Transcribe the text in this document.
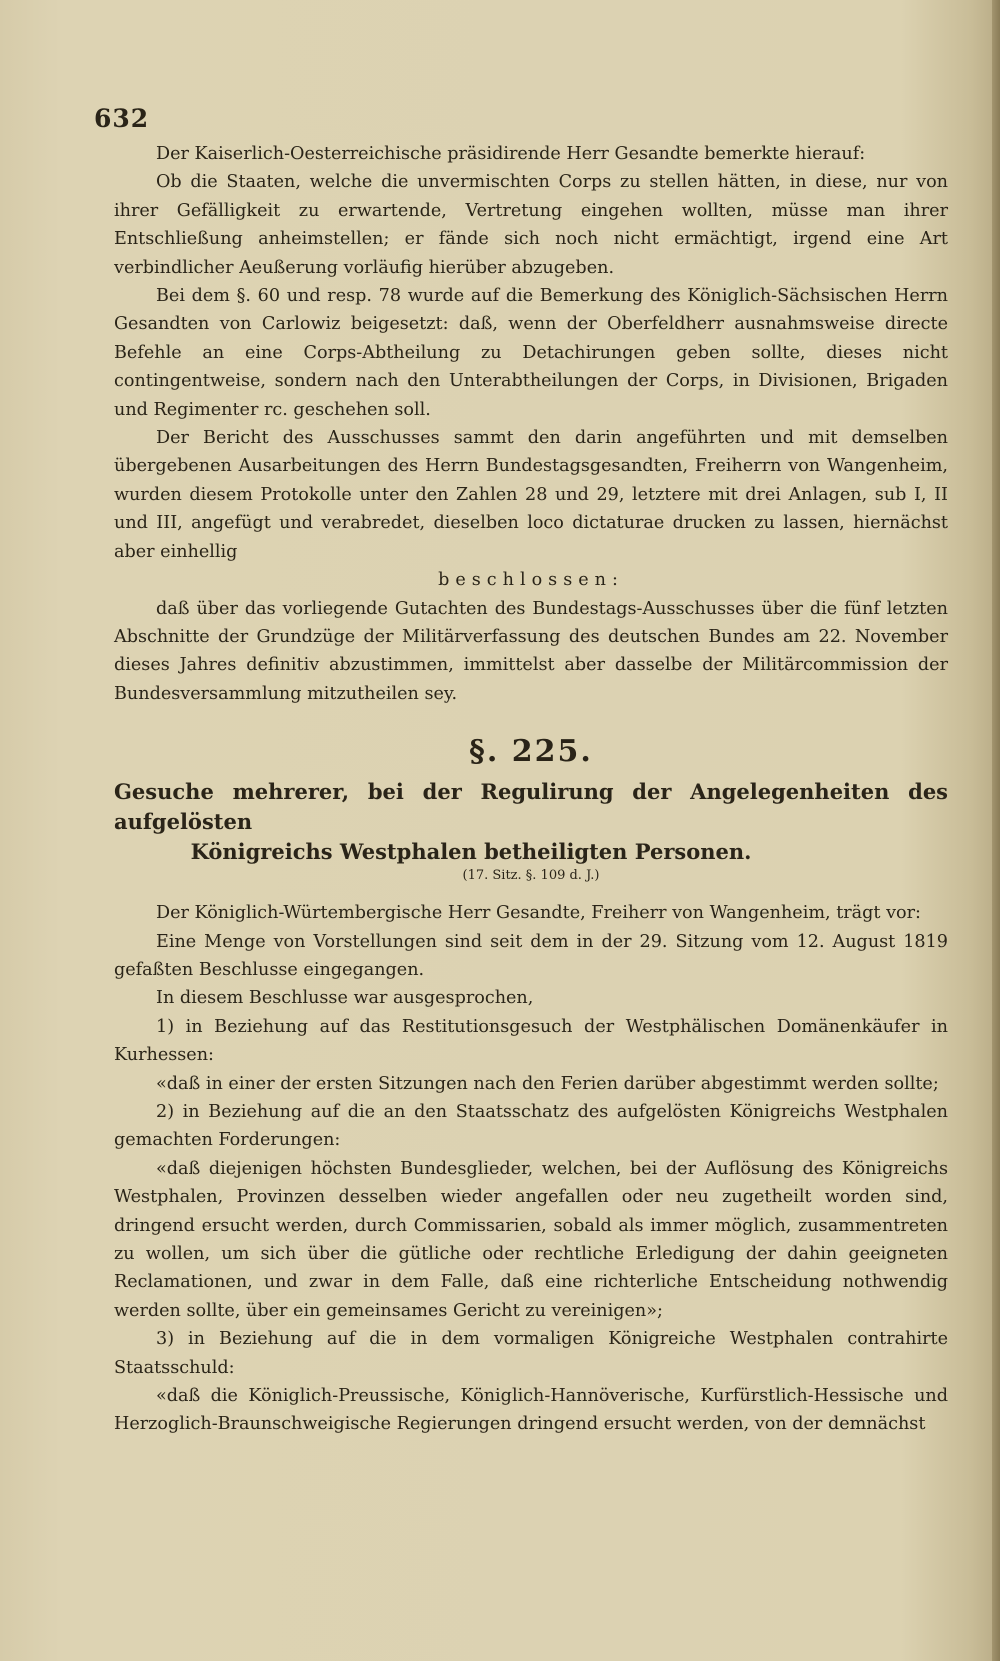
632

Der Kaiserlich-Oesterreichische präsidirende Herr Gesandte bemerkte hierauf:

Ob die Staaten, welche die unvermischten Corps zu stellen hätten, in diese, nur von ihrer Gefälligkeit zu erwartende, Vertretung eingehen wollten, müsse man ihrer Entschließung anheimstellen; er fände sich noch nicht ermächtigt, irgend eine Art verbindlicher Aeußerung vorläufig hierüber abzugeben.

Bei dem §. 60 und resp. 78 wurde auf die Bemerkung des Königlich-Sächsischen Herrn Gesandten von Carlowiz beigesetzt: daß, wenn der Oberfeldherr ausnahmsweise directe Befehle an eine Corps-Abtheilung zu Detachirungen geben sollte, dieses nicht contingentweise, sondern nach den Unterabtheilungen der Corps, in Divisionen, Brigaden und Regimenter rc. geschehen soll.

Der Bericht des Ausschusses sammt den darin angeführten und mit demselben übergebenen Ausarbeitungen des Herrn Bundestagsgesandten, Freiherrn von Wangenheim, wurden diesem Protokolle unter den Zahlen 28 und 29, letztere mit drei Anlagen, sub I, II und III, angefügt und verabredet, dieselben loco dictaturae drucken zu lassen, hiernächst aber einhellig

beschlossen:

daß über das vorliegende Gutachten des Bundestags-Ausschusses über die fünf letzten Abschnitte der Grundzüge der Militärverfassung des deutschen Bundes am 22. November dieses Jahres definitiv abzustimmen, immittelst aber dasselbe der Militärcommission der Bundesversammlung mitzutheilen sey.

§. 225.
Gesuche mehrerer, bei der Regulirung der Angelegenheiten des aufgelösten
Königreichs Westphalen betheiligten Personen.
(17. Sitz. §. 109 d. J.)

Der Königlich-Würtembergische Herr Gesandte, Freiherr von Wangenheim, trägt vor:

Eine Menge von Vorstellungen sind seit dem in der 29. Sitzung vom 12. August 1819 gefaßten Beschlusse eingegangen.

In diesem Beschlusse war ausgesprochen,

1) in Beziehung auf das Restitutionsgesuch der Westphälischen Domänenkäufer in Kurhessen:

«daß in einer der ersten Sitzungen nach den Ferien darüber abgestimmt werden sollte;

2) in Beziehung auf die an den Staatsschatz des aufgelösten Königreichs Westphalen gemachten Forderungen:

«daß diejenigen höchsten Bundesglieder, welchen, bei der Auflösung des Königreichs Westphalen, Provinzen desselben wieder angefallen oder neu zugetheilt worden sind, dringend ersucht werden, durch Commissarien, sobald als immer möglich, zusammentreten zu wollen, um sich über die gütliche oder rechtliche Erledigung der dahin geeigneten Reclamationen, und zwar in dem Falle, daß eine richterliche Entscheidung nothwendig werden sollte, über ein gemeinsames Gericht zu vereinigen»;

3) in Beziehung auf die in dem vormaligen Königreiche Westphalen contrahirte Staatsschuld:

«daß die Königlich-Preussische, Königlich-Hannöverische, Kurfürstlich-Hessische und Herzoglich-Braunschweigische Regierungen dringend ersucht werden, von der demnächst
